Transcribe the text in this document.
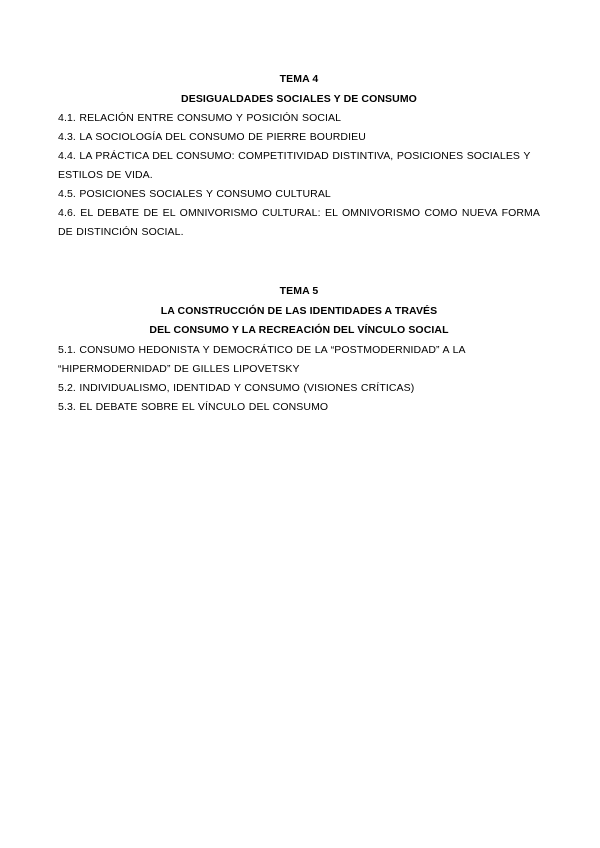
TEMA 4
DESIGUALDADES SOCIALES Y DE CONSUMO
4.1. RELACIÓN ENTRE CONSUMO Y POSICIÓN SOCIAL
4.3. LA SOCIOLOGÍA DEL CONSUMO DE PIERRE BOURDIEU
4.4. LA PRÁCTICA DEL CONSUMO: COMPETITIVIDAD DISTINTIVA, POSICIONES SOCIALES Y ESTILOS DE VIDA.
4.5. POSICIONES SOCIALES Y CONSUMO CULTURAL
4.6. EL DEBATE DE EL OMNIVORISMO CULTURAL: EL OMNIVORISMO COMO NUEVA FORMA DE DISTINCIÓN SOCIAL.
TEMA 5
LA CONSTRUCCIÓN DE LAS IDENTIDADES A TRAVÉS
DEL CONSUMO Y LA RECREACIÓN DEL VÍNCULO SOCIAL
5.1. CONSUMO HEDONISTA Y DEMOCRÁTICO DE LA “POSTMODERNIDAD” A LA “HIPERMODERNIDAD” DE GILLES LIPOVETSKY
5.2. INDIVIDUALISMO, IDENTIDAD Y CONSUMO (VISIONES CRÍTICAS)
5.3. EL DEBATE SOBRE EL VÍNCULO DEL CONSUMO
